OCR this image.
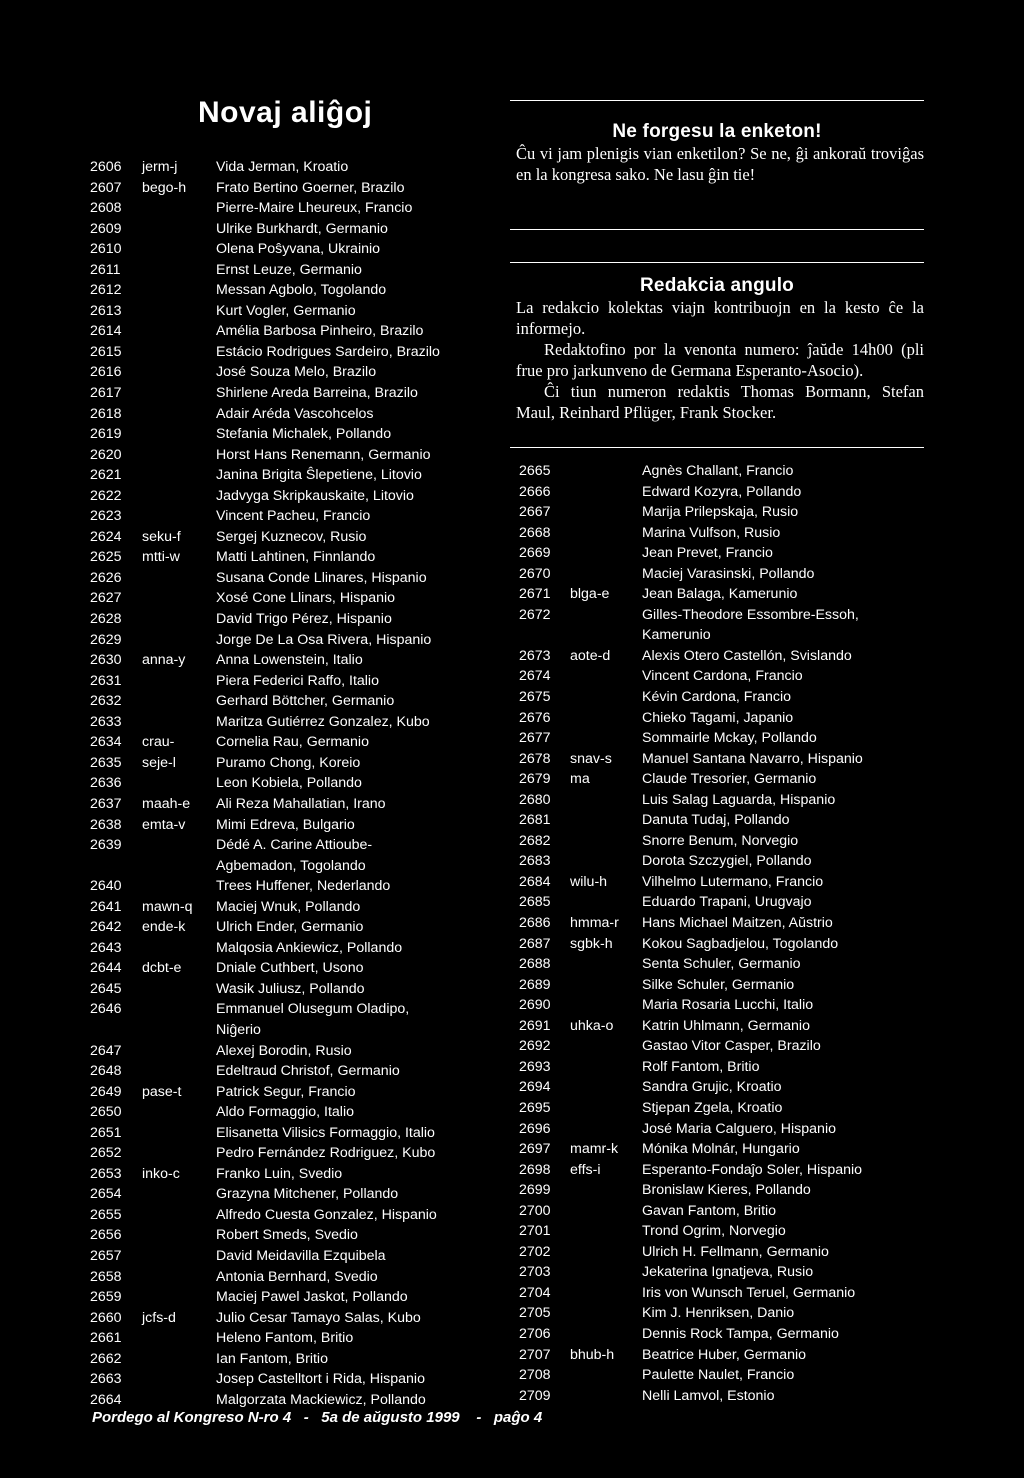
Novaj aliĝoj
2606	jerm-j	Vida Jerman, Kroatio
2607	bego-h	Frato Bertino Goerner, Brazilo
2608	Pierre-Maire Lheureux, Francio
2609	Ulrike Burkhardt, Germanio
2610	Olena Poŝyvana, Ukrainio
2611	Ernst Leuze, Germanio
2612	Messan Agbolo, Togolando
2613	Kurt Vogler, Germanio
2614	Amélia Barbosa Pinheiro, Brazilo
2615	Estácio Rodrigues Sardeiro, Brazilo
2616	José Souza Melo, Brazilo
2617	Shirlene Areda Barreina, Brazilo
2618	Adair Aréda Vascohcelos
2619	Stefania Michalek, Pollando
2620	Horst Hans Renemann, Germanio
2621	Janina Brigita Ŝlepetiene, Litovio
2622	Jadvyga Skripkauskaite, Litovio
2623	Vincent Pacheu, Francio
2624	seku-f	Sergej Kuznecov, Rusio
2625	mtti-w	Matti Lahtinen, Finnlando
2626	Susana Conde Llinares, Hispanio
2627	Xosé Cone Llinars, Hispanio
2628	David Trigo Pérez, Hispanio
2629	Jorge De La Osa Rivera, Hispanio
2630	anna-y	Anna Lowenstein, Italio
2631	Piera Federici Raffo, Italio
2632	Gerhard Böttcher, Germanio
2633	Maritza Gutiérrez Gonzalez, Kubo
2634	crau-	Cornelia Rau, Germanio
2635	seje-l	Puramo Chong, Koreio
2636	Leon Kobiela, Pollando
2637	maah-e	Ali Reza Mahallatian, Irano
2638	emta-v	Mimi Edreva, Bulgario
2639	Dédé A. Carine Attioube-
Agbemadon, Togolando
2640	Trees Huffener, Nederlando
2641	mawn-q	Maciej Wnuk, Pollando
2642	ende-k	Ulrich Ender, Germanio
2643	Malqosia Ankiewicz, Pollando
2644	dcbt-e	Dniale Cuthbert, Usono
2645	Wasik Juliusz, Pollando
2646	Emmanuel Olusegum Oladipo,
Niĝerio
2647	Alexej Borodin, Rusio
2648	Edeltraud Christof, Germanio
2649	pase-t	Patrick Segur, Francio
2650	Aldo Formaggio, Italio
2651	Elisanetta Vilisics Formaggio, Italio
2652	Pedro Fernández Rodriguez, Kubo
2653	inko-c	Franko Luin, Svedio
2654	Grazyna Mitchener, Pollando
2655	Alfredo Cuesta Gonzalez, Hispanio
2656	Robert Smeds, Svedio
2657	David Meidavilla Ezquibela
2658	Antonia Bernhard, Svedio
2659	Maciej Pawel Jaskot, Pollando
2660	jcfs-d	Julio Cesar Tamayo Salas, Kubo
2661	Heleno Fantom, Britio
2662	Ian Fantom, Britio
2663	Josep Castelltort i Rida, Hispanio
2664	Malgorzata Mackiewicz, Pollando
2665	Agnès Challant, Francio
2666	Edward Kozyra, Pollando
2667	Marija Prilepskaja, Rusio
2668	Marina Vulfson, Rusio
2669	Jean Prevet, Francio
2670	Maciej Varasinski, Pollando
2671	blga-e	Jean Balaga, Kamerunio
2672	Gilles-Theodore Essombre-Essoh,
Kamerunio
2673	aote-d	Alexis Otero Castellón, Svislando
2674	Vincent Cardona, Francio
2675	Kévin Cardona, Francio
2676	Chieko Tagami, Japanio
2677	Sommairle Mckay, Pollando
2678	snav-s	Manuel Santana Navarro, Hispanio
2679	ma	Claude Tresorier, Germanio
2680	Luis Salag Laguarda, Hispanio
2681	Danuta Tudaj, Pollando
2682	Snorre Benum, Norvegio
2683	Dorota Szczygiel, Pollando
2684	wilu-h	Vilhelmo Lutermano, Francio
2685	Eduardo Trapani, Urugvajo
2686	hmma-r	Hans Michael Maitzen, Aŭstrio
2687	sgbk-h	Kokou Sagbadjelou, Togolando
2688	Senta Schuler, Germanio
2689	Silke Schuler, Germanio
2690	Maria Rosaria Lucchi, Italio
2691	uhka-o	Katrin Uhlmann, Germanio
2692	Gastao Vitor Casper, Brazilo
2693	Rolf Fantom, Britio
2694	Sandra Grujic, Kroatio
2695	Stjepan Zgela, Kroatio
2696	José Maria Calguero, Hispanio
2697	mamr-k	Mónika Molnár, Hungario
2698	effs-i	Esperanto-Fondaĵo Soler, Hispanio
2699	Bronislaw Kieres, Pollando
2700	Gavan Fantom, Britio
2701	Trond Ogrim, Norvegio
2702	Ulrich H. Fellmann, Germanio
2703	Jekaterina Ignatjeva, Rusio
2704	Iris von Wunsch Teruel, Germanio
2705	Kim J. Henriksen, Danio
2706	Dennis Rock Tampa, Germanio
2707	bhub-h	Beatrice Huber, Germanio
2708	Paulette Naulet, Francio
2709	Nelli Lamvol, Estonio
Ne forgesu la enketon!

Ĉu vi jam plenigis vian enketilon? Se ne, ĝi ankoraŭ troviĝas en la kongresa sako. Ne lasu ĝin tie!

Redakcia angulo

La redakcio kolektas viajn kontribuojn en la kesto ĉe la informejo.

Redaktofino por la venonta numero: ĵaŭde 14h00 (pli frue pro jarkunveno de Germana Esperanto-Asocio).

Ĉi tiun numeron redaktis Thomas Bormann, Stefan Maul, Reinhard Pflüger, Frank Stocker.

Pordego al Kongreso N-ro 4 - 5a de aŭgusto 1999 - paĝo 4
